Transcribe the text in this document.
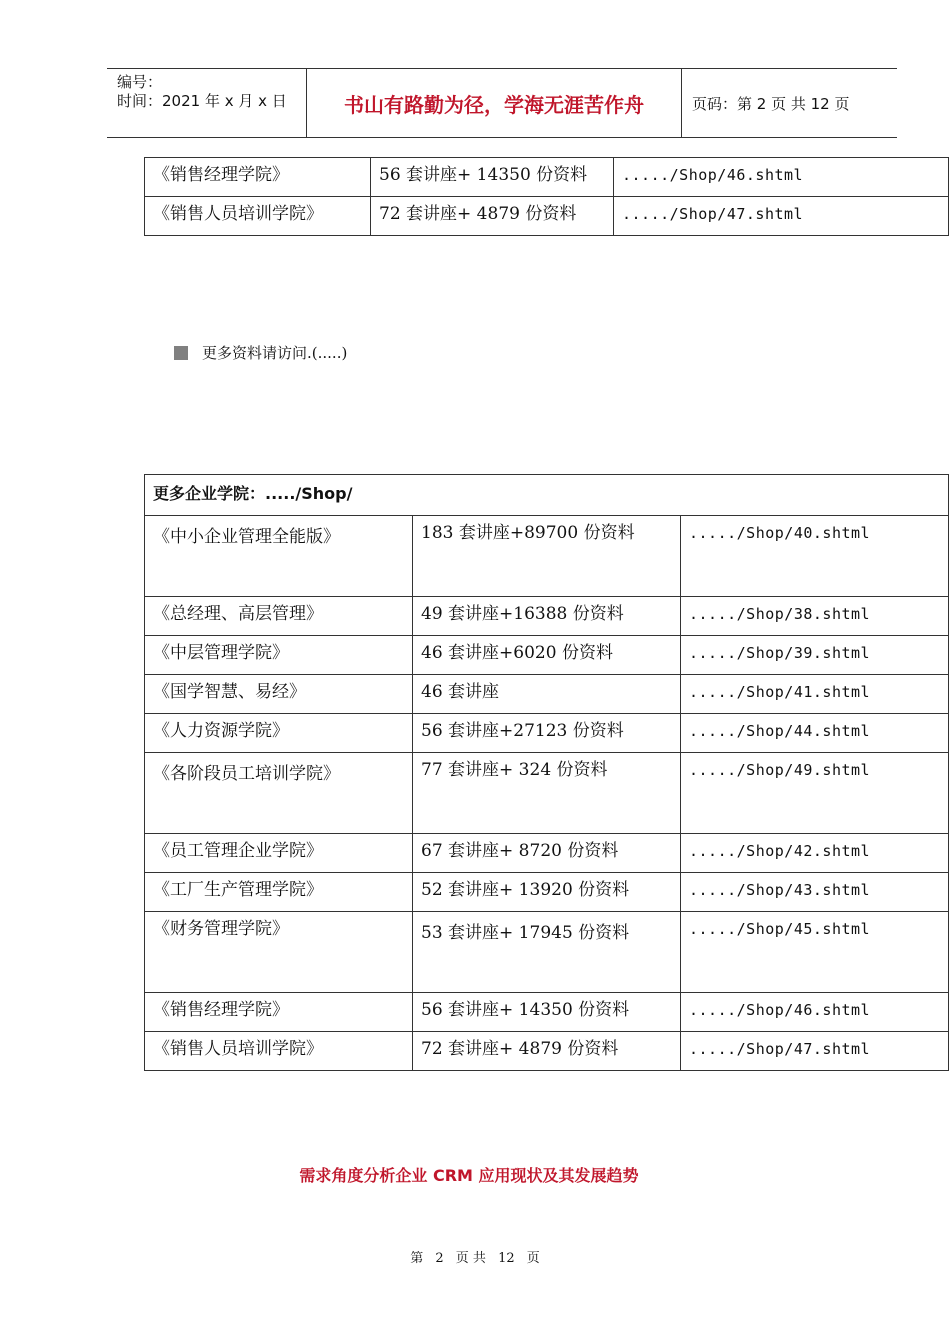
编号：
时间：2021 年 x 月 x 日	书山有路勤为径，学海无涯苦作舟	页码：第 2 页 共 12 页
《销售经理学院》	56 套讲座+ 14350 份资料	...../Shop/46.shtml
《销售人员培训学院》	72 套讲座+ 4879 份资料	...../Shop/47.shtml
更多资料请访问.(.....)
更多企业学院：...../Shop/		
《中小企业管理全能版》	183 套讲座+89700 份资料	...../Shop/40.shtml
《总经理、高层管理》	49 套讲座+16388 份资料	...../Shop/38.shtml
《中层管理学院》	46 套讲座+6020 份资料	...../Shop/39.shtml
《国学智慧、易经》	46 套讲座	...../Shop/41.shtml
《人力资源学院》	56 套讲座+27123 份资料	...../Shop/44.shtml
《各阶段员工培训学院》	77 套讲座+ 324 份资料	...../Shop/49.shtml
《员工管理企业学院》	67 套讲座+ 8720 份资料	...../Shop/42.shtml
《工厂生产管理学院》	52 套讲座+ 13920 份资料	...../Shop/43.shtml
《财务管理学院》	53 套讲座+ 17945 份资料	...../Shop/45.shtml
《销售经理学院》	56 套讲座+ 14350 份资料	...../Shop/46.shtml
《销售人员培训学院》	72 套讲座+ 4879 份资料	...../Shop/47.shtml
需求角度分析企业 CRM 应用现状及其发展趋势
第 2 页 共 12 页
